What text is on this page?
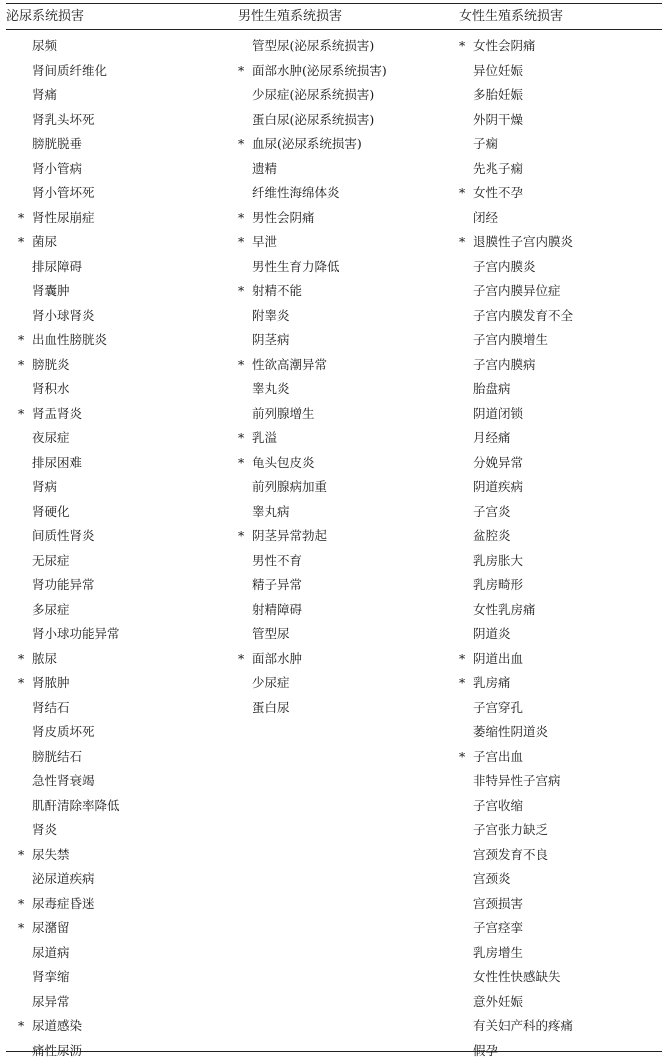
泌尿系统损害
尿频
肾间质纤维化
肾痛
肾乳头坏死
膀胱脱垂
肾小管病
肾小管坏死
* 肾性尿崩症
* 菌尿
排尿障碍
肾囊肿
肾小球肾炎
* 出血性膀胱炎
* 膀胱炎
肾积水
* 肾盂肾炎
夜尿症
排尿困难
肾病
肾硬化
间质性肾炎
无尿症
肾功能异常
多尿症
肾小球功能异常
* 脓尿
* 肾脓肿
肾结石
肾皮质坏死
膀胱结石
急性肾衰竭
肌酐清除率降低
肾炎
* 尿失禁
泌尿道疾病
* 尿毒症昏迷
* 尿潴留
尿道病
肾挛缩
尿异常
* 尿道感染
痛性尿沥
男性生殖系统损害
管型尿(泌尿系统损害)
* 面部水肿(泌尿系统损害)
少尿症(泌尿系统损害)
蛋白尿(泌尿系统损害)
* 血尿(泌尿系统损害)
遗精
纤维性海绵体炎
* 男性会阴痛
* 早泄
男性生育力降低
* 射精不能
附睾炎
阴茎病
* 性欲高潮异常
睾丸炎
前列腺增生
* 乳溢
* 龟头包皮炎
前列腺病加重
睾丸病
* 阴茎异常勃起
男性不育
精子异常
射精障碍
管型尿
* 面部水肿
少尿症
蛋白尿
女性生殖系统损害
* 女性会阴痛
异位妊娠
多胎妊娠
外阴干燥
子痫
先兆子痫
* 女性不孕
闭经
* 退膜性子宫内膜炎
子宫内膜炎
子宫内膜异位症
子宫内膜发育不全
子宫内膜增生
子宫内膜病
胎盘病
阴道闭锁
月经痛
分娩异常
阴道疾病
子宫炎
盆腔炎
乳房胀大
乳房畸形
女性乳房痛
阴道炎
* 阴道出血
* 乳房痛
子宫穿孔
萎缩性阴道炎
* 子宫出血
非特异性子宫病
子宫收缩
子宫张力缺乏
宫颈发育不良
宫颈炎
宫颈损害
子宫痉挛
乳房增生
女性性快感缺失
意外妊娠
有关妇产科的疼痛
假孕
